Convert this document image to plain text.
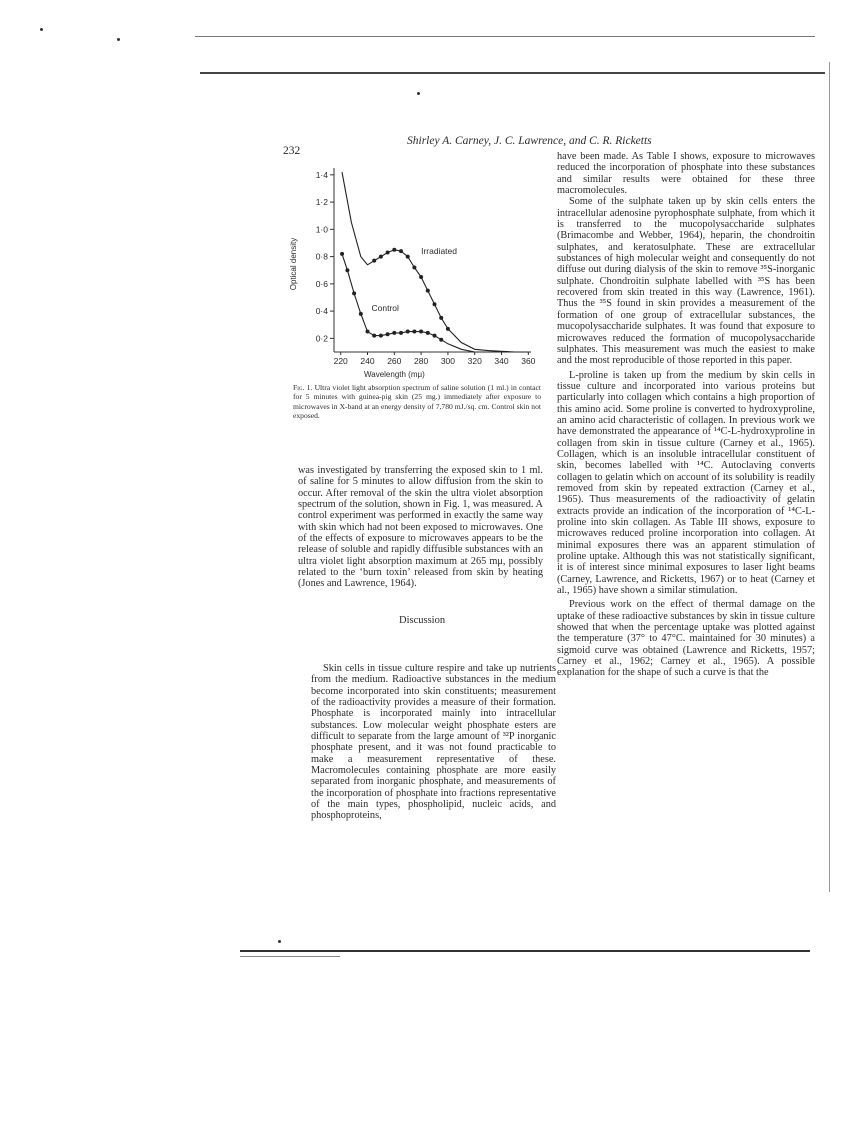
232
Shirley A. Carney, J. C. Lawrence, and C. R. Ricketts
0·2
0·4
0·6
0·8
1·0
1·2
1·4
220 240 260 280 300 320 340 360
Wavelength (mμ)
Optical density	Irradiated
Control
Fig. 1. Ultra violet light absorption spectrum of saline solution (1 ml.) in contact for 5 minutes with guinea-pig skin (25 mg.) immediately after exposure to microwaves in X-band at an energy density of 7,780 mJ./sq. cm. Control skin not exposed.

was investigated by transferring the exposed skin to 1 ml. of saline for 5 minutes to allow diffusion from the skin to occur. After removal of the skin the ultra violet absorption spectrum of the solution, shown in Fig. 1, was measured. A control experiment was performed in exactly the same way with skin which had not been exposed to microwaves. One of the effects of exposure to microwaves appears to be the release of soluble and rapidly diffusible substances with an ultra violet light absorption maximum at 265 mμ, possibly related to the ‘burn toxin’ released from skin by heating (Jones and Lawrence, 1964).

Discussion

Skin cells in tissue culture respire and take up nutrients from the medium. Radioactive substances in the medium become incorporated into skin constituents; measurement of the radioactivity provides a measure of their formation. Phosphate is incorporated mainly into intracellular substances. Low molecular weight phosphate esters are difficult to separate from the large amount of ³²P inorganic phosphate present, and it was not found practicable to make a measurement representative of these. Macromolecules containing phosphate are more easily separated from inorganic phosphate, and measurements of the incorporation of phosphate into fractions representative of the main types, phospholipid, nucleic acids, and phosphoproteins,

have been made. As Table I shows, exposure to microwaves reduced the incorporation of phosphate into these substances and similar results were obtained for these three macromolecules.

Some of the sulphate taken up by skin cells enters the intracellular adenosine pyrophosphate sulphate, from which it is transferred to the mucopolysaccharide sulphates (Brimacombe and Webber, 1964), heparin, the chondroitin sulphates, and keratosulphate. These are extracellular substances of high molecular weight and consequently do not diffuse out during dialysis of the skin to remove ³⁵S-inorganic sulphate. Chondroitin sulphate labelled with ³⁵S has been recovered from skin treated in this way (Lawrence, 1961). Thus the ³⁵S found in skin provides a measurement of the formation of one group of extracellular substances, the mucopolysaccharide sulphates. It was found that exposure to microwaves reduced the formation of mucopolysaccharide sulphates. This measurement was much the easiest to make and the most reproducible of those reported in this paper.

L-proline is taken up from the medium by skin cells in tissue culture and incorporated into various proteins but particularly into collagen which contains a high proportion of this amino acid. Some proline is converted to hydroxyproline, an amino acid characteristic of collagen. In previous work we have demonstrated the appearance of ¹⁴C-L-hydroxyproline in collagen from skin in tissue culture (Carney et al., 1965). Collagen, which is an insoluble intracellular constituent of skin, becomes labelled with ¹⁴C. Autoclaving converts collagen to gelatin which on account of its solubility is readily removed from skin by repeated extraction (Carney et al., 1965). Thus measurements of the radioactivity of gelatin extracts provide an indication of the incorporation of ¹⁴C-L-proline into skin collagen. As Table III shows, exposure to microwaves reduced proline incorporation into collagen. At minimal exposures there was an apparent stimulation of proline uptake. Although this was not statistically significant, it is of interest since minimal exposures to laser light beams (Carney, Lawrence, and Ricketts, 1967) or to heat (Carney et al., 1965) have shown a similar stimulation.

Previous work on the effect of thermal damage on the uptake of these radioactive substances by skin in tissue culture showed that when the percentage uptake was plotted against the temperature (37° to 47°C. maintained for 30 minutes) a sigmoid curve was obtained (Lawrence and Ricketts, 1957; Carney et al., 1962; Carney et al., 1965). A possible explanation for the shape of such a curve is that the
